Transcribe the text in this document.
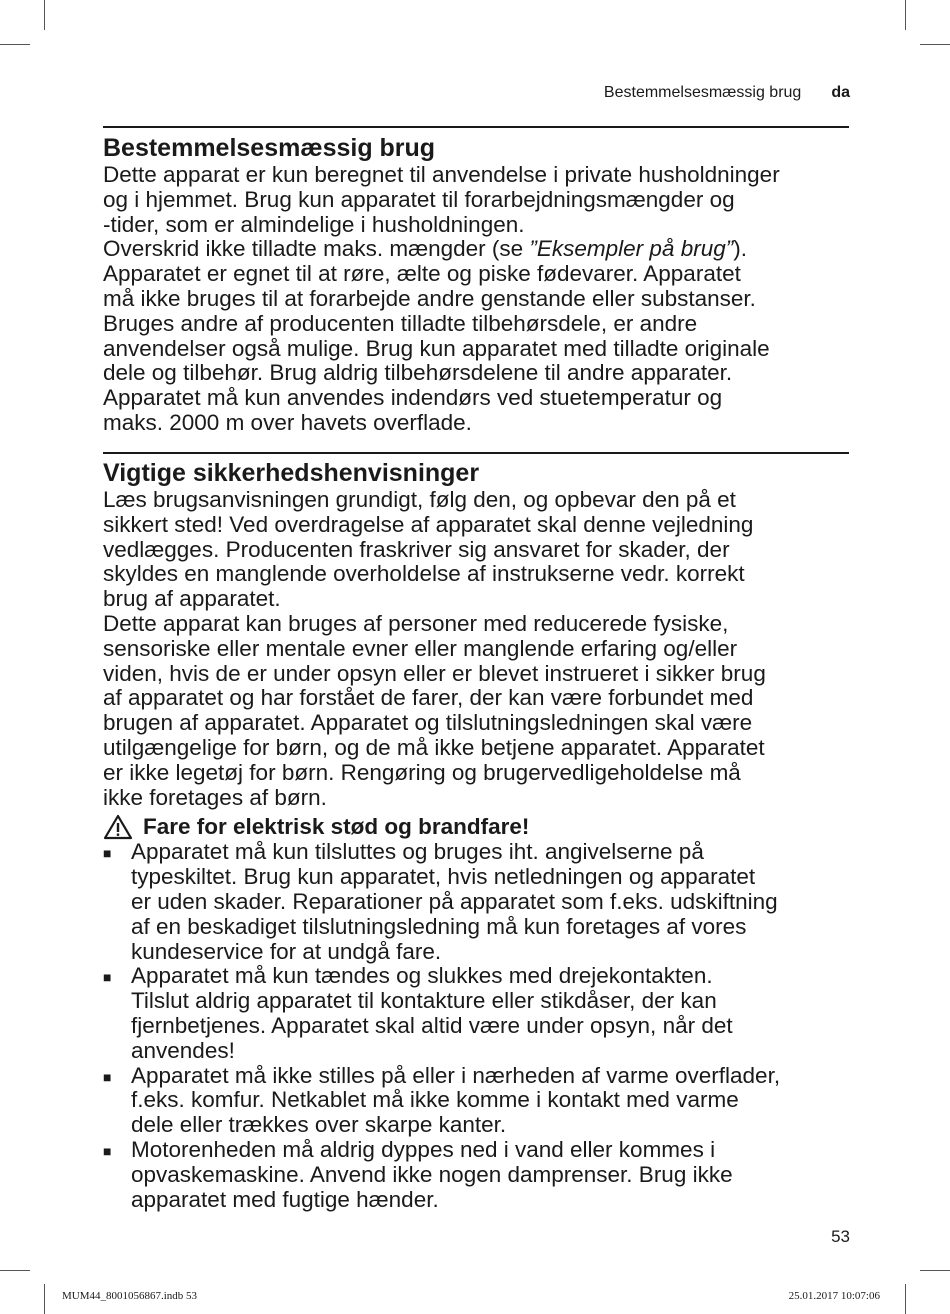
Bestemmelsesmæssig brug da
Bestemmelsesmæssig brug

Dette apparat er kun beregnet til anvendelse i private husholdninger
og i hjemmet. Brug kun apparatet til forarbejdningsmængder og
-tider, som er almindelige i husholdningen.

Overskrid ikke tilladte maks. mængder (se ”Eksempler på brug”).

Apparatet er egnet til at røre, ælte og piske fødevarer. Apparatet
må ikke bruges til at forarbejde andre genstande eller substanser.
Bruges andre af producenten tilladte tilbehørsdele, er andre
anvendelser også mulige. Brug kun apparatet med tilladte originale
dele og tilbehør. Brug aldrig tilbehørsdelene til andre apparater.
Apparatet må kun anvendes indendørs ved stuetemperatur og
maks. 2000 m over havets overflade.

Vigtige sikkerhedshenvisninger

Læs brugsanvisningen grundigt, følg den, og opbevar den på et
sikkert sted! Ved overdragelse af apparatet skal denne vejledning
vedlægges. Producenten fraskriver sig ansvaret for skader, der
skyldes en manglende overholdelse af instrukserne vedr. korrekt
brug af apparatet.

Dette apparat kan bruges af personer med reducerede fysiske,
sensoriske eller mentale evner eller manglende erfaring og/eller
viden, hvis de er under opsyn eller er blevet instrueret i sikker brug
af apparatet og har forstået de farer, der kan være forbundet med
brugen af apparatet. Apparatet og tilslutningsledningen skal være
utilgængelige for børn, og de må ikke betjene apparatet. Apparatet
er ikke legetøj for børn. Rengøring og brugervedligeholdelse må
ikke foretages af børn.

Fare for elektrisk stød og brandfare!
■ Apparatet må kun tilsluttes og bruges iht. angivelserne på
typeskiltet. Brug kun apparatet, hvis netledningen og apparatet
er uden skader. Reparationer på apparatet som f.eks. udskiftning
af en beskadiget tilslutningsledning må kun foretages af vores
kundeservice for at undgå fare.
■ Apparatet må kun tændes og slukkes med drejekontakten.
Tilslut aldrig apparatet til kontakture eller stikdåser, der kan
fjernbetjenes. Apparatet skal altid være under opsyn, når det
anvendes!
■ Apparatet må ikke stilles på eller i nærheden af varme overflader,
f.eks. komfur. Netkablet må ikke komme i kontakt med varme
dele eller trækkes over skarpe kanter.
■ Motorenheden må aldrig dyppes ned i vand eller kommes i
opvaskemaskine. Anvend ikke nogen damprenser. Brug ikke
apparatet med fugtige hænder.
53
MUM44_8001056867.indb 53	25.01.2017 10:07:06
